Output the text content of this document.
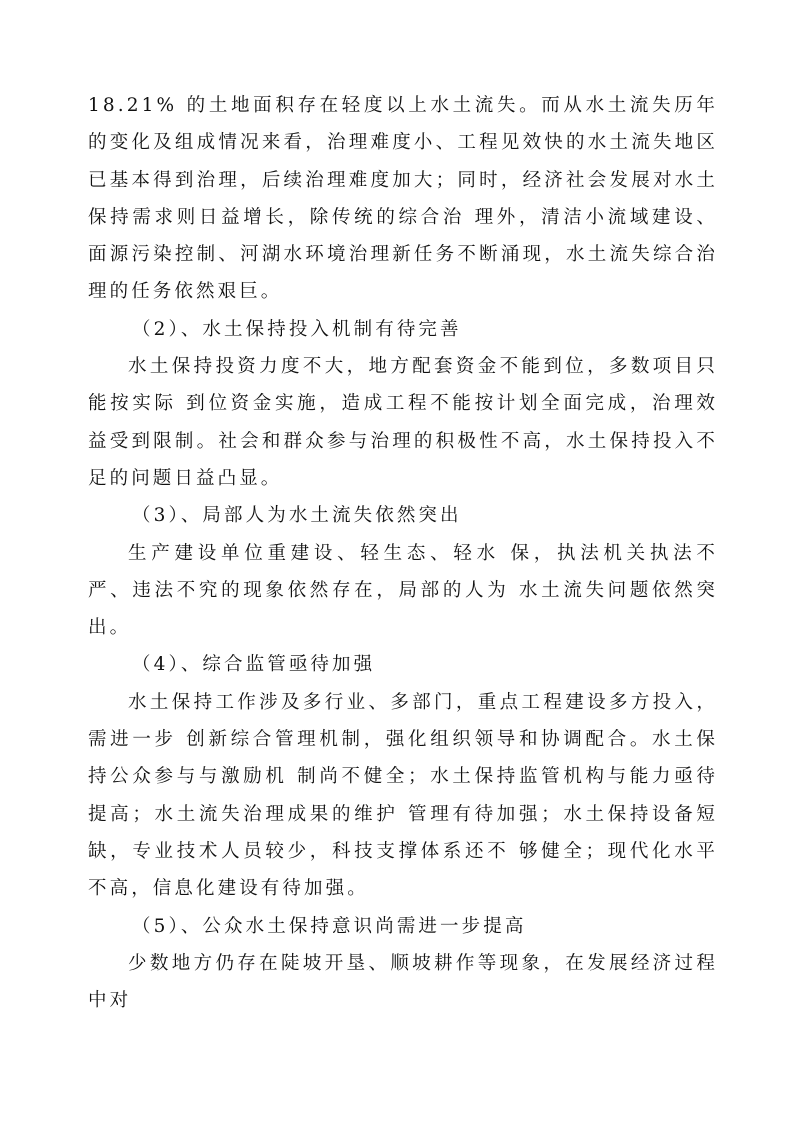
18.21% 的土地面积存在轻度以上水土流失。而从水土流失历年的变化及组成情况来看，治理难度小、工程见效快的水土流失地区已基本得到治理，后续治理难度加大；同时，经济社会发展对水土保持需求则日益增长，除传统的综合治 理外，清洁小流域建设、面源污染控制、河湖水环境治理新任务不断涌现，水土流失综合治理的任务依然艰巨。

（2）、水土保持投入机制有待完善

水土保持投资力度不大，地方配套资金不能到位，多数项目只能按实际 到位资金实施，造成工程不能按计划全面完成，治理效益受到限制。社会和群众参与治理的积极性不高，水土保持投入不足的问题日益凸显。

（3）、局部人为水土流失依然突出

生产建设单位重建设、轻生态、轻水 保，执法机关执法不严、违法不究的现象依然存在，局部的人为 水土流失问题依然突出。

（4）、综合监管亟待加强

水土保持工作涉及多行业、多部门，重点工程建设多方投入，需进一步 创新综合管理机制，强化组织领导和协调配合。水土保持公众参与与激励机 制尚不健全；水土保持监管机构与能力亟待提高；水土流失治理成果的维护 管理有待加强；水土保持设备短缺，专业技术人员较少，科技支撑体系还不 够健全；现代化水平不高，信息化建设有待加强。

（5）、公众水土保持意识尚需进一步提高

少数地方仍存在陡坡开垦、顺坡耕作等现象，在发展经济过程中对
